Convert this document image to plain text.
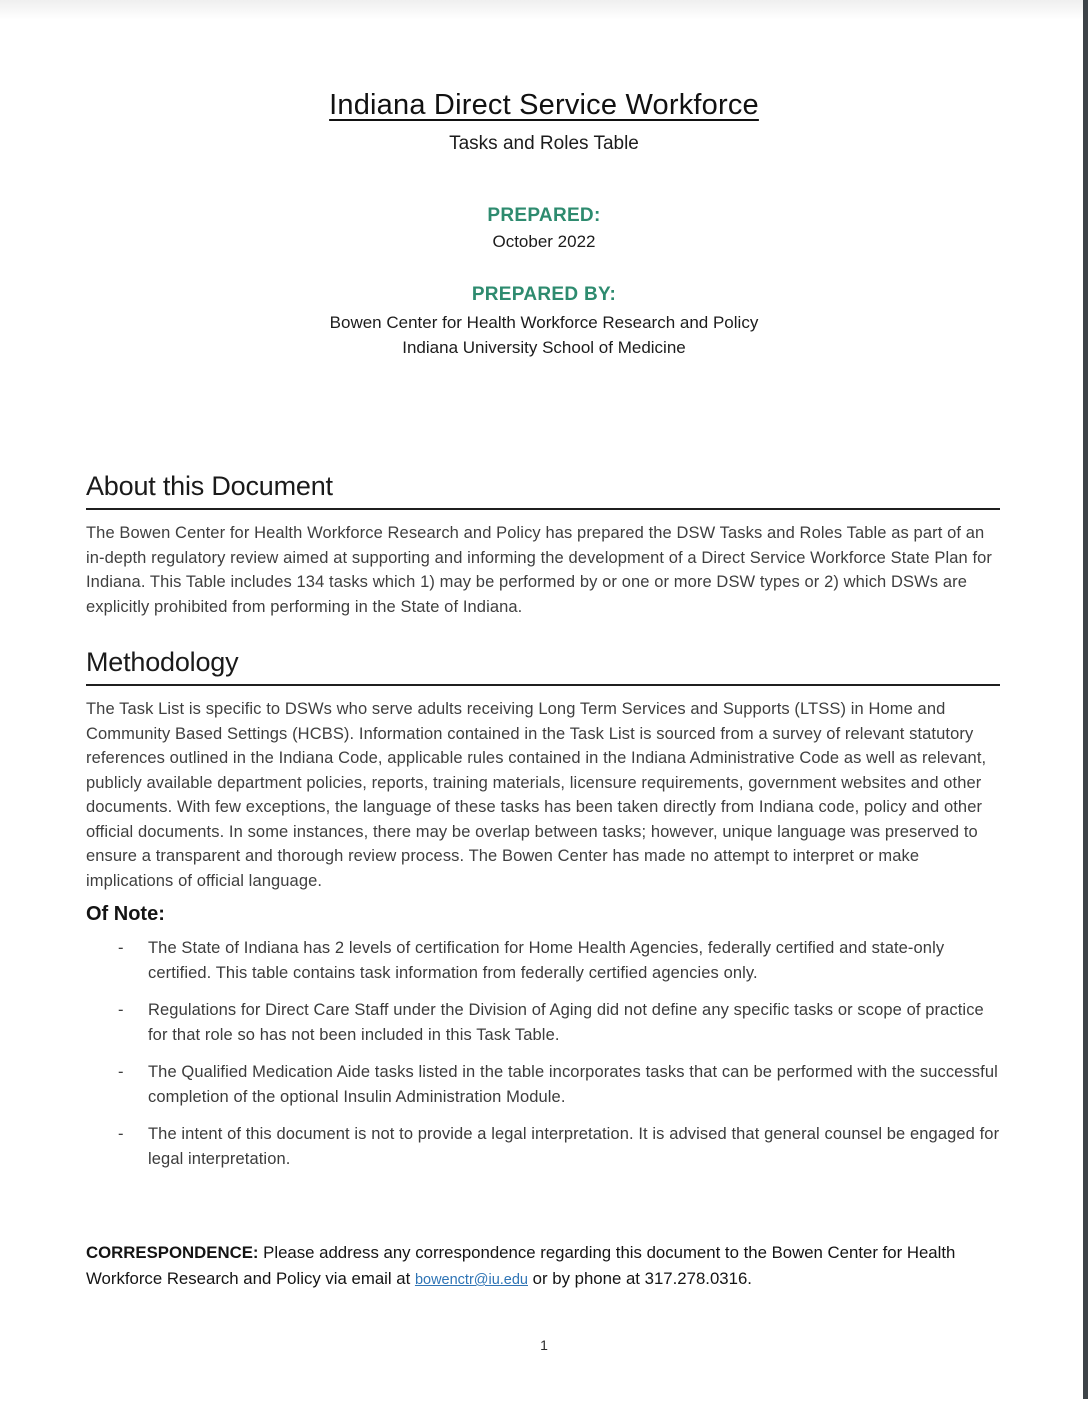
Indiana Direct Service Workforce
Tasks and Roles Table
PREPARED:
October 2022
PREPARED BY:
Bowen Center for Health Workforce Research and Policy
Indiana University School of Medicine
About this Document
The Bowen Center for Health Workforce Research and Policy has prepared the DSW Tasks and Roles Table as part of an in-depth regulatory review aimed at supporting and informing the development of a Direct Service Workforce State Plan for Indiana. This Table includes 134 tasks which 1) may be performed by or one or more DSW types or 2) which DSWs are explicitly prohibited from performing in the State of Indiana.
Methodology
The Task List is specific to DSWs who serve adults receiving Long Term Services and Supports (LTSS) in Home and Community Based Settings (HCBS). Information contained in the Task List is sourced from a survey of relevant statutory references outlined in the Indiana Code, applicable rules contained in the Indiana Administrative Code as well as relevant, publicly available department policies, reports, training materials, licensure requirements, government websites and other documents. With few exceptions, the language of these tasks has been taken directly from Indiana code, policy and other official documents. In some instances, there may be overlap between tasks; however, unique language was preserved to ensure a transparent and thorough review process. The Bowen Center has made no attempt to interpret or make implications of official language.
Of Note:
- The State of Indiana has 2 levels of certification for Home Health Agencies, federally certified and state-only certified. This table contains task information from federally certified agencies only.
- Regulations for Direct Care Staff under the Division of Aging did not define any specific tasks or scope of practice for that role so has not been included in this Task Table.
- The Qualified Medication Aide tasks listed in the table incorporates tasks that can be performed with the successful completion of the optional Insulin Administration Module.
- The intent of this document is not to provide a legal interpretation. It is advised that general counsel be engaged for legal interpretation.
CORRESPONDENCE: Please address any correspondence regarding this document to the Bowen Center for Health Workforce Research and Policy via email at bowenctr@iu.edu or by phone at 317.278.0316.
1
